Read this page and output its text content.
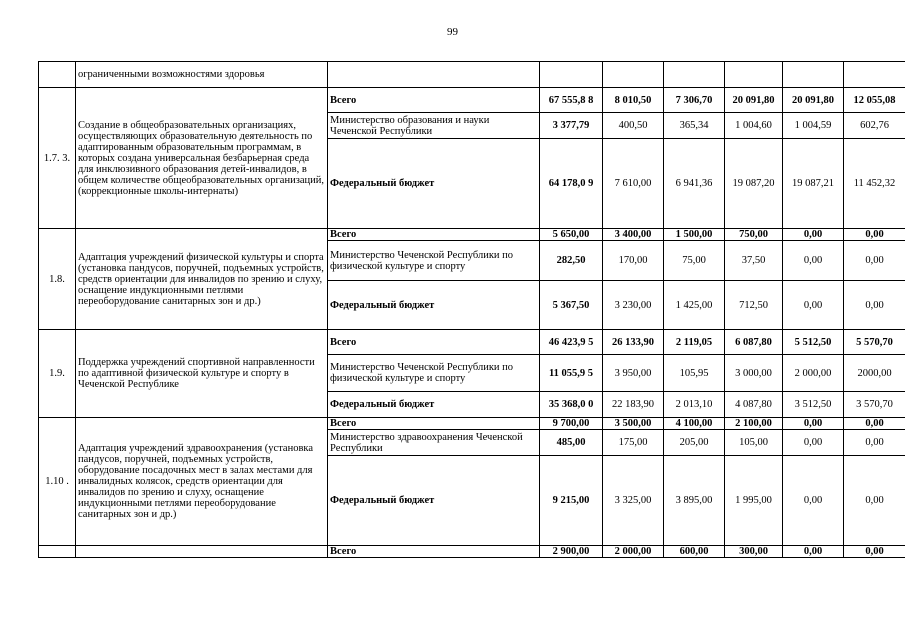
99
	ограниченными возможностями здоровья							
1.7. 3.	Создание в общеобразовательных организациях, осуществляющих образовательную деятельность по адаптированным образовательным программам, в которых создана универсальная безбарьерная среда для инклюзивного образования детей-инвалидов, в общем количестве общеобразовательных организаций, (коррекционные школы-интернаты)	Всего	67 555,8 8	8 010,50	7 306,70	20 091,80	20 091,80	12 055,08
		Министерство образования и науки Чеченской Республики	3 377,79	400,50	365,34	1 004,60	1 004,59	602,76
		Федеральный бюджет	64 178,0 9	7 610,00	6 941,36	19 087,20	19 087,21	11 452,32
1.8.	Адаптация учреждений физической культуры и спорта (установка пандусов, поручней, подъемных устройств, средств ориентации для инвалидов по зрению и слуху, оснащение индукционными петлями переоборудование санитарных зон и др.)	Всего	5 650,00	3 400,00	1 500,00	750,00	0,00	0,00
		Министерство Чеченской Республики по физической культуре и спорту	282,50	170,00	75,00	37,50	0,00	0,00
		Федеральный бюджет	5 367,50	3 230,00	1 425,00	712,50	0,00	0,00
1.9.	Поддержка учреждений спортивной направленности по адаптивной физической культуре и спорту в Чеченской Республике	Всего	46 423,9 5	26 133,90	2 119,05	6 087,80	5 512,50	5 570,70
		Министерство Чеченской Республики по физической культуре и спорту	11 055,9 5	3 950,00	105,95	3 000,00	2 000,00	2000,00
		Федеральный бюджет	35 368,0 0	22 183,90	2 013,10	4 087,80	3 512,50	3 570,70
1.10 .	Адаптация учреждений здравоохранения (установка пандусов, поручней, подъемных устройств, оборудование посадочных мест в залах местами для инвалидных колясок, средств ориентации для инвалидов по зрению и слуху, оснащение индукционными петлями переоборудование санитарных зон и др.)	Всего	9 700,00	3 500,00	4 100,00	2 100,00	0,00	0,00
		Министерство здравоохранения Чеченской Республики	485,00	175,00	205,00	105,00	0,00	0,00
		Федеральный бюджет	9 215,00	3 325,00	3 895,00	1 995,00	0,00	0,00
		Всего	2 900,00	2 000,00	600,00	300,00	0,00	0,00
